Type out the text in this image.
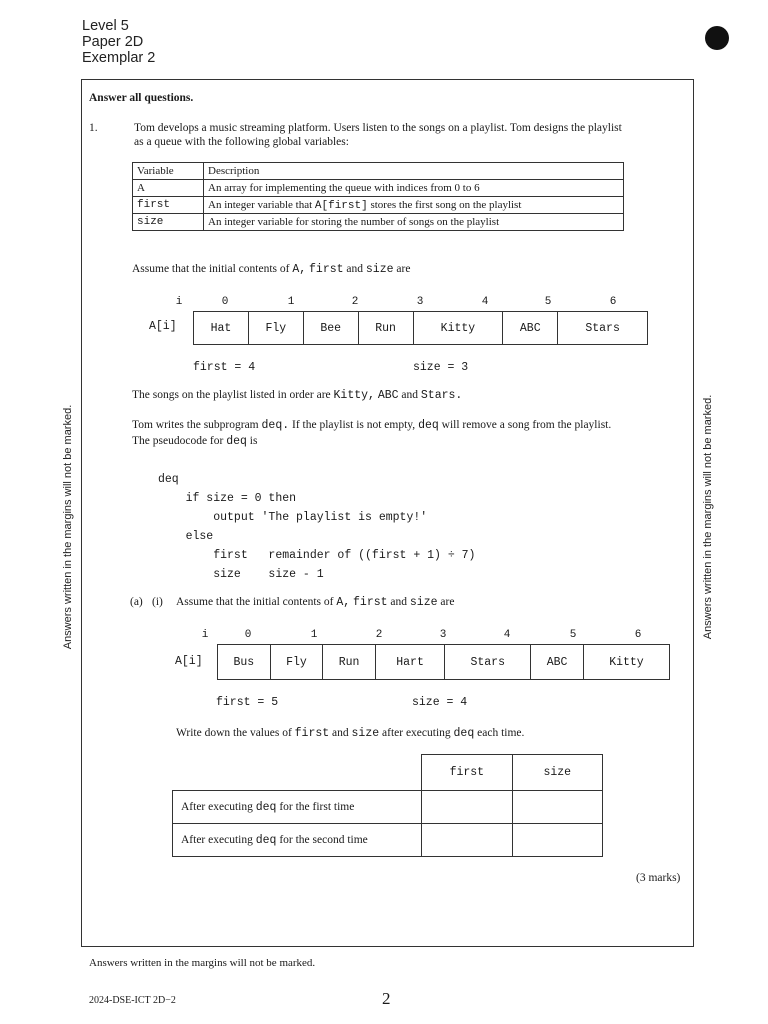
Level 5
Paper 2D
Exemplar 2
Answers written in the margins will not be marked.	Answers written in the margins will not be marked.
Answer all questions.
1.	Tom develops a music streaming platform. Users listen to the songs on a playlist. Tom designs the playlist
as a queue with the following global variables:
Variable	Description
A	An array for implementing the queue with indices from 0 to 6
first	An integer variable that A[first] stores the first song on the playlist
size	An integer variable for storing the number of songs on the playlist
Assume that the initial contents of A, first and size are
i	0	1	2	3	4	5	6
A[i]	Hat	Fly	Bee	Run	Kitty	ABC	Stars
first = 4	size = 3
The songs on the playlist listed in order are Kitty, ABC and Stars.
Tom writes the subprogram deq. If the playlist is not empty, deq will remove a song from the playlist.
The pseudocode for deq is
deq
if size = 0 then
output 'The playlist is empty!'
else
first   remainder of ((first + 1) ÷ 7)
size    size - 1
(a) (i) Assume that the initial contents of A, first and size are
i	0	1	2	3	4	5	6
A[i]	Bus	Fly	Run	Hart	Stars	ABC	Kitty
first = 5	size = 4
Write down the values of first and size after executing deq each time.
	first	size
After executing deq for the first time		
After executing deq for the second time		
(3 marks)
Answers written in the margins will not be marked.
2024-DSE-ICT 2D−2	2
